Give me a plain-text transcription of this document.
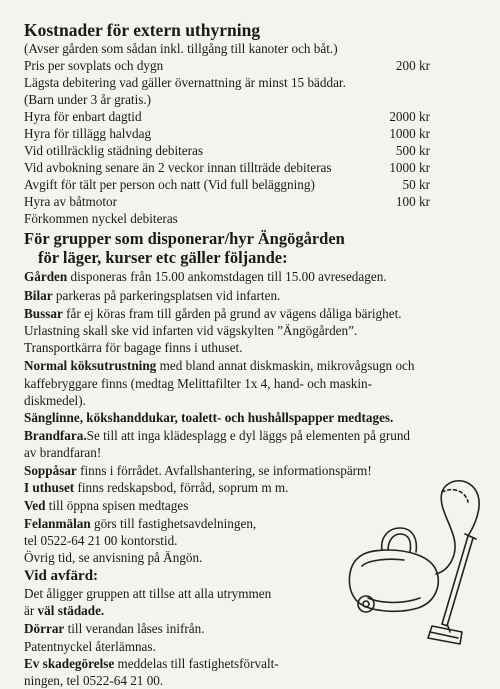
Kostnader för extern uthyrning
(Avser gården som sådan inkl. tillgång till kanoter och båt.)
Pris per sovplats och dygn	200 kr
Lägsta debitering vad gäller övernattning är minst 15 bäddar.
(Barn under 3 år gratis.)
Hyra för enbart dagtid	2000 kr
Hyra för tillägg halvdag	1000 kr
Vid otillräcklig städning debiteras	500 kr
Vid avbokning senare än 2 veckor innan tillträde debiteras	1000 kr
Avgift för tält per person och natt (Vid full beläggning)	50 kr
Hyra av båtmotor	100 kr
Förkommen nyckel debiteras
För grupper som disponerar/hyr Ängögården
för läger, kurser etc gäller följande:
Gården disponeras från 15.00 ankomstdagen till 15.00 avresedagen.
Bilar parkeras på parkeringsplatsen vid infarten.
Bussar får ej köras fram till gården på grund av vägens dåliga bärighet.
Urlastning skall ske vid infarten vid vägskylten ”Ängögården”.
Transportkärra för bagage finns i uthuset.
Normal köksutrustning med bland annat diskmaskin, mikrovågsugn och
kaffebryggare finns (medtag Melittafilter 1x 4, hand- och maskin-
diskmedel).
Sänglinne, kökshanddukar, toalett- och hushållspapper medtages.
Brandfara.Se till att inga klädesplagg e dyl läggs på elementen på grund
av brandfaran!
Soppåsar finns i förrådet. Avfallshantering, se informationspärm!
I uthuset finns redskapsbod, förråd, soprum m m.
Ved till öppna spisen medtages
Felanmälan görs till fastighetsavdelningen,
tel 0522-64 21 00 kontorstid.
Övrig tid, se anvisning på Ängön.
Vid avfärd:
Det åligger gruppen att tillse att alla utrymmen
är väl städade.
Dörrar till verandan låses inifrån.
Patentnyckel återlämnas.
Ev skadegörelse meddelas till fastighetsförvalt-
ningen, tel 0522-64 21 00.
